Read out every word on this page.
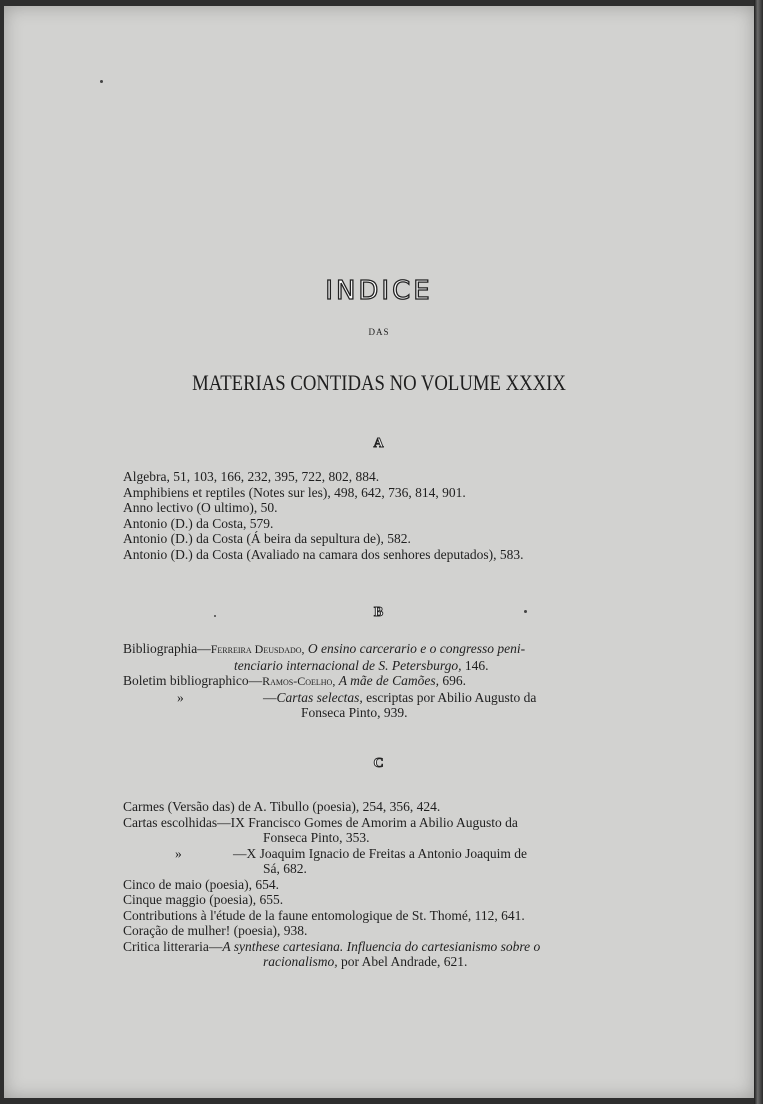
INDICE
DAS
MATERIAS CONTIDAS NO VOLUME XXXIX
A

Algebra, 51, 103, 166, 232, 395, 722, 802, 884.

Amphibiens et reptiles (Notes sur les), 498, 642, 736, 814, 901.

Anno lectivo (O ultimo), 50.

Antonio (D.) da Costa, 579.

Antonio (D.) da Costa (Á beira da sepultura de), 582.

Antonio (D.) da Costa (Avaliado na camara dos senhores deputados), 583.

B

Bibliographia—Ferreira Deusdado, O ensino carcerario e o congresso peni-

tenciario internacional de S. Petersburgo, 146.

Boletim bibliographico—Ramos-Coelho, A mãe de Camões, 696.

»	—Cartas selectas, escriptas por Abilio Augusto da

Fonseca Pinto, 939.

C

Carmes (Versão das) de A. Tibullo (poesia), 254, 356, 424.

Cartas escolhidas—IX Francisco Gomes de Amorim a Abilio Augusto da

Fonseca Pinto, 353.

»	—X Joaquim Ignacio de Freitas a Antonio Joaquim de

Sá, 682.

Cinco de maio (poesia), 654.

Cinque maggio (poesia), 655.

Contributions à l'étude de la faune entomologique de St. Thomé, 112, 641.

Coração de mulher! (poesia), 938.

Critica litteraria—A synthese cartesiana. Influencia do cartesianismo sobre o

racionalismo, por Abel Andrade, 621.
